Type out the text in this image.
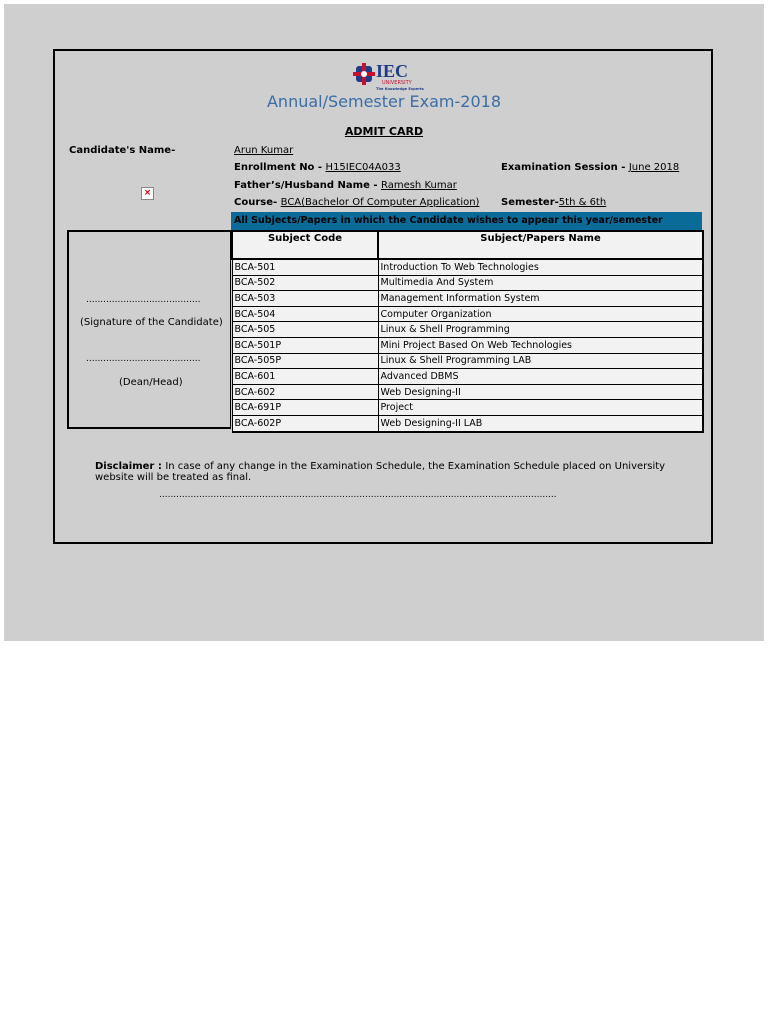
IEC
UNIVERSITY
The Knowledge Experts
Annual/Semester Exam-2018
ADMIT CARD
Candidate's Name-	Arun Kumar
Enrollment No - H15IEC04A033	Examination Session - June 2018
Father’s/Husband Name - Ramesh Kumar
×
Course- BCA(Bachelor Of Computer Application) Semester-5th & 6th
All Subjects/Papers in which the Candidate wishes to appear this year/semester
........................................
(Signature of the Candidate)
........................................
(Dean/Head)
Subject Code	Subject/Papers Name
BCA-501	Introduction To Web Technologies
BCA-502	Multimedia And System
BCA-503	Management Information System
BCA-504	Computer Organization
BCA-505	Linux & Shell Programming
BCA-501P	Mini Project Based On Web Technologies
BCA-505P	Linux & Shell Programming LAB
BCA-601	Advanced DBMS
BCA-602	Web Designing-II
BCA-691P	Project
BCA-602P	Web Designing-II LAB
Disclaimer : In case of any change in the Examination Schedule, the Examination Schedule placed on University
website will be treated as final.
...........................................................................................................................................
